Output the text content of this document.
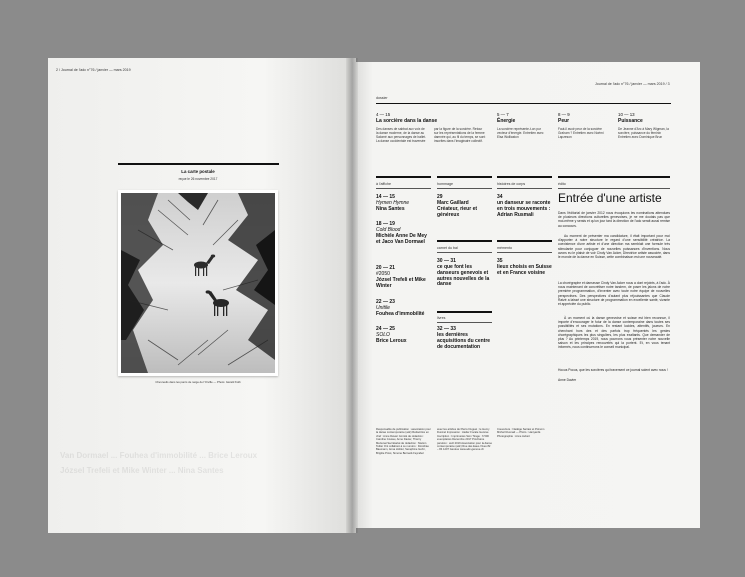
2 / Journal de l'adc n°76 / janvier — mars 2019
Van Dormael ... Fouhea d'immobilité ... Brice Leroux
Józsel Trefeli et Mike Winter ... Nina Santes
La carte postale
reçue le 26 novembre 2017
Chevreuils dans les parcs de neige de l'Orville — Photo: Gérald Kolb
Journal de l'adc n°76 / janvier — mars 2019 / 3
dossier
4 — 15
La sorcière dans la danse
Des danses de sabbat aux voix de la danse moderne, de la danse au Salomé aux personnages de ballet. La danse occidentale est traversée par la figure de la sorcière. Retour sur les représentations de la femme damnée qui, au fil du temps, se sont inscrites dans l'imaginaire collectif.
5 — 7
Énergie
La sorcière représente-t-on pur vecteur d'énergie. Entretien avec Elsa Wolliaston
8 — 9
Peur
Faut-il avoir peur de la sorcière Graham ? Entretien avec Noémi Lapzeson
10 — 13
Puissance
De Jeanne d'Arc à Mary Wigman, la sorcière, puissance du féminin Entretien avec Dominique Brun
à l'affiche
14 — 15
Hymen Hymne
Nina Santes
18 — 19
Cold Blood
Michèle Anne De Mey et Jaco Van Dormael
20 — 21
#2050
Józsel Trefeli et Mike Winter
22 — 23
Unitile
Fouhea d'immobilité
24 — 25
SOLO
Brice Leroux
hommage
29
Marc Gaillard
Créateur, rieur et généreux
carnet du bal
30 — 31
ce que font les danseurs genevois et autres nouvelles de la danse
livres
32 — 33
les dernières acquisitions du centre de documentation
histoires de corps
34
un danseur se raconte en trois mouvements : Adrian Rusmali
mémento
35
lieux choisis en Suisse et en France voisine
édito
Entrée d'une artiste
Dans l'éditorial de janvier 2012 nous évoquions les nominations attendues de plusieurs directions culturelles genevoises, je ne me doutais pas que moi-même y serais et qu'un jour tard la direction de l'adc serait aussi remise au concours.
Au moment de présenter ma candidature, il était important pour moi d'apporter à notre structure le regard d'une sensibilité créatrice. La coexistence d'une artiste et d'une direction ma semblait une formule très stimulante pour conjuguer de nouvelles puissances d'inventions. Nous avons eu le plaisir de voir Cindy Van Acker, Directrice artiste associée, dans le monde de la danse en Suisse, cette combinaison est une nouveauté.
La chorégraphe et danseuse Cindy Van Acker nous a dont rejoints, à l'adc. À nous maintenant de concrétiser notre tandem, de poser les jalons de notre première programmation, d'inventer avec toute notre équipe de nouvelles perspectives. Des perspectives d'autant plus réjouissantes que Claude Ratzé a laissé une structure de programmation en excellente santé, vivante et appréciée du public.
À un moment où la danse genevoise et suisse est bien reconnue, il importe d'encourager le futur de la danse contemporaine dans toutes ses possibilités et ses mutations. En restant lucides, attentifs, joueurs. En cherchant hors des et des parfois trop fréquentés les gestes chorégraphiques les plus singuliers, les plus exaltants. Que demander de plus ? Au printemps 2019, nous pourrons vous présenter notre nouvelle saison et les principes renouvelés qui la portent. Et, en vous tenant informés, nous continuerons le conseil municipal.
Hocus Pocus, que les sorcières qui traversent ce journal soient avec nous !
Anne Davier
Responsable de publication : association pour la danse contemporaine (adc) Rédactrice en chef : Anne Davier Comité de rédaction : Caroline Coutau, Anne Davier, Thierry Mertenat Secrétariat de rédaction : Marion Tetlier Ont collaboré à ce numéro : Dorothée Baumann, Anna Hohler, Seraphine Gehri, Brigitte Prost, Simone Bernard-Feyrabel
avec les articles de Pierre Duguet ; le Henry Duvinel Impression : Atelier Focale Genève Inscription : Imprimeries Sion Tirage : 6 500 exemplaires Décembre 2017 Prochaine parution : avril 2019 Association pour la danse contemporaine (adc) Rue des Eaux-Vives 82 – 84 1207 Genève www.adc-geneve.ch
Couverture : Nadège Sarrasi et Prénom Michel Rusmali — Photo : Hanyardé Photographie : Anne Aubert
